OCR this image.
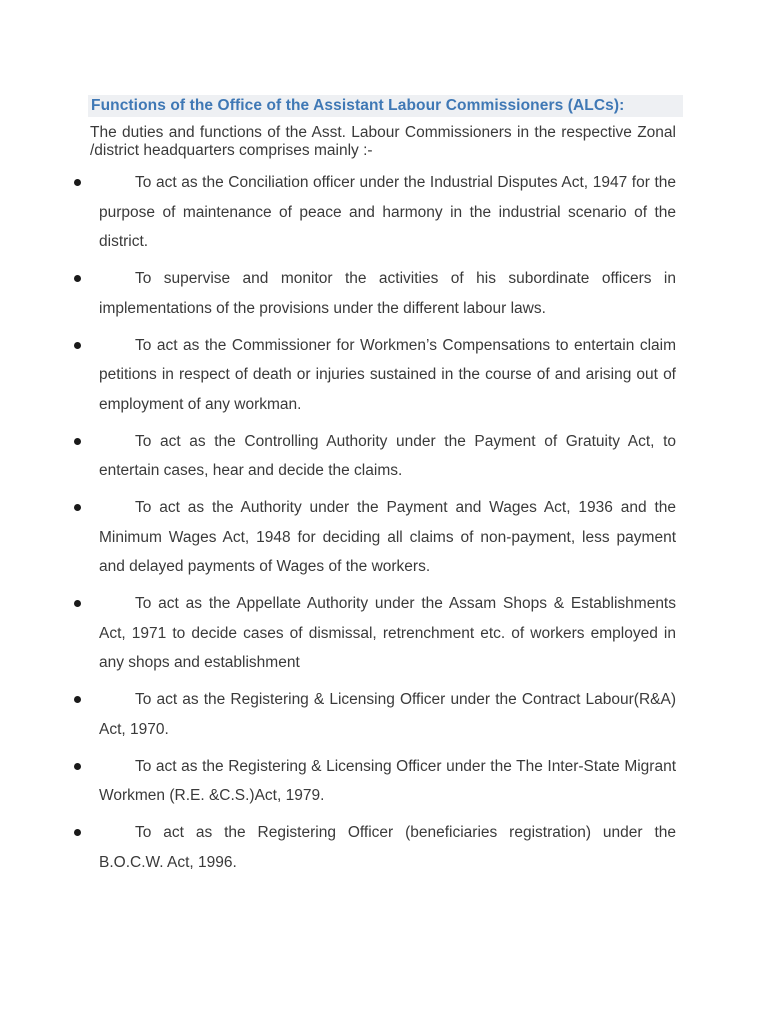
Functions of the Office of the Assistant Labour Commissioners (ALCs):
The duties and functions of the Asst. Labour Commissioners in the respective Zonal /district headquarters comprises mainly :-
To act as the Conciliation officer under the Industrial Disputes Act, 1947 for the purpose of maintenance of peace and harmony in the industrial scenario of the district.
To supervise and monitor the activities of his subordinate officers in implementations of the provisions under the different labour laws.
To act as the Commissioner for Workmen’s Compensations to entertain claim petitions in respect of death or injuries sustained in the course of and arising out of employment of any workman.
To act as the Controlling Authority under the Payment of Gratuity Act, to entertain cases, hear and decide the claims.
To act as the Authority under the Payment and Wages Act, 1936 and the Minimum Wages Act, 1948 for deciding all claims of non-payment, less payment and delayed payments of Wages of the workers.
To act as the Appellate Authority under the Assam Shops & Establishments Act, 1971 to decide cases of dismissal, retrenchment etc. of workers employed in any shops and establishment
To act as the Registering & Licensing Officer under the Contract Labour(R&A) Act, 1970.
To act as the Registering & Licensing Officer under the The Inter-State Migrant Workmen (R.E. &C.S.)Act, 1979.
To act as the Registering Officer (beneficiaries registration) under the B.O.C.W. Act, 1996.
